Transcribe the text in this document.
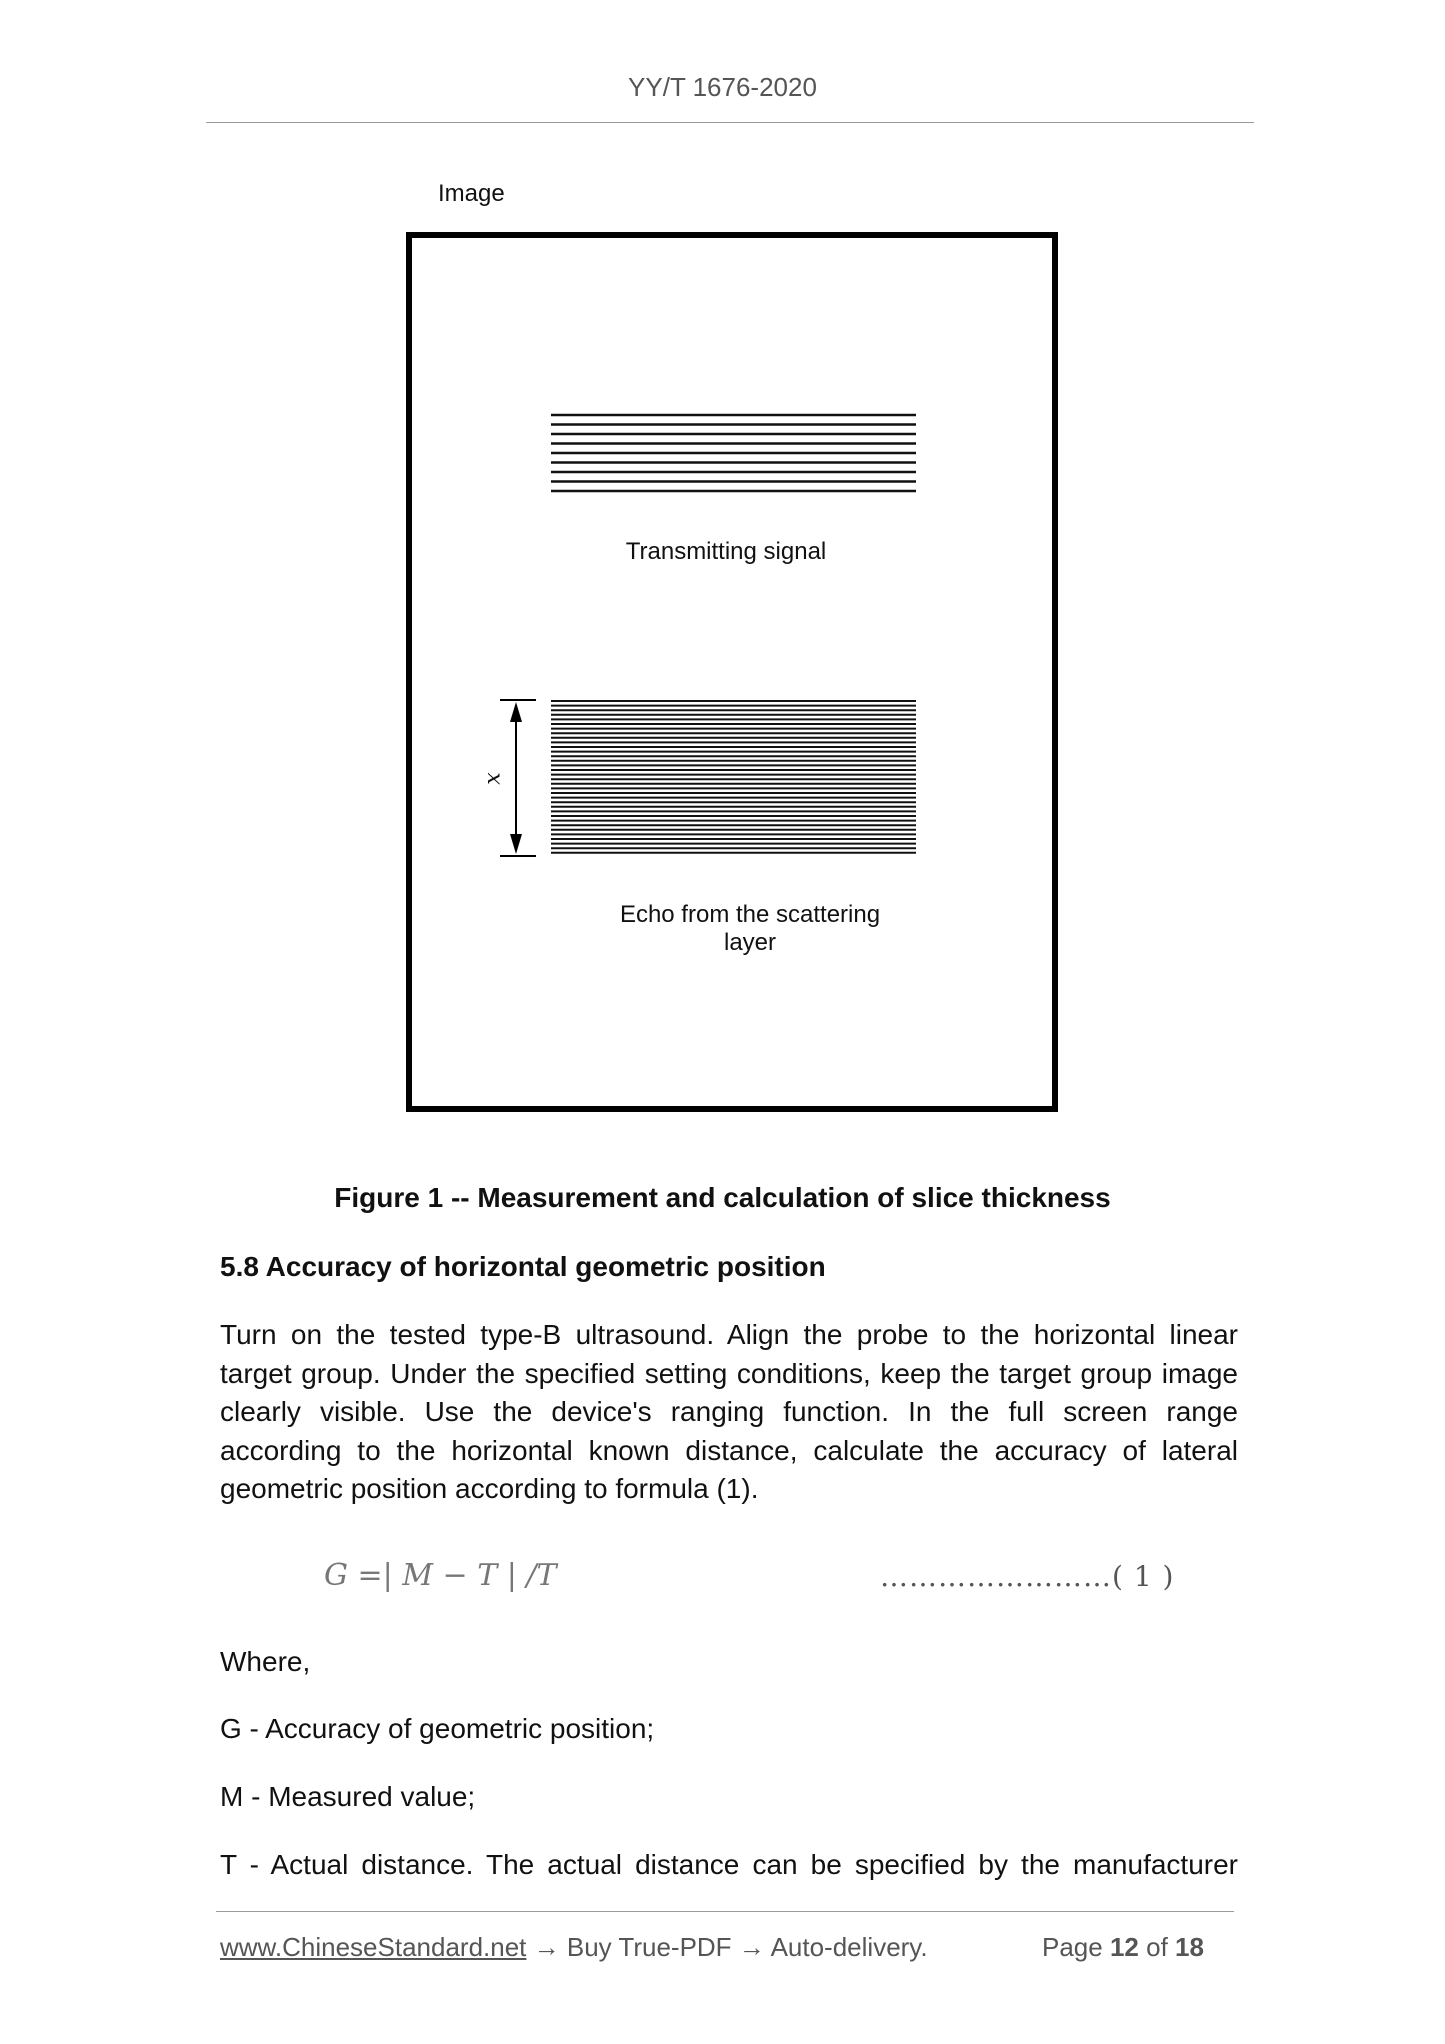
YY/T 1676-2020
Image
Transmitting signal
Echo from the scattering
layer
x
Figure 1 -- Measurement and calculation of slice thickness
5.8 Accuracy of horizontal geometric position
Turn on the tested type-B ultrasound. Align the probe to the horizontal linear target group. Under the specified setting conditions, keep the target group image clearly visible. Use the device's ranging function. In the full screen range according to the horizontal known distance, calculate the accuracy of lateral geometric position according to formula (1).
G =| M − T | /T	……………………( 1 )
Where,
G - Accuracy of geometric position;
M - Measured value;
T - Actual distance. The actual distance can be specified by the manufacturer
www.ChineseStandard.net → Buy True-PDF → Auto-delivery.	Page 12 of 18
